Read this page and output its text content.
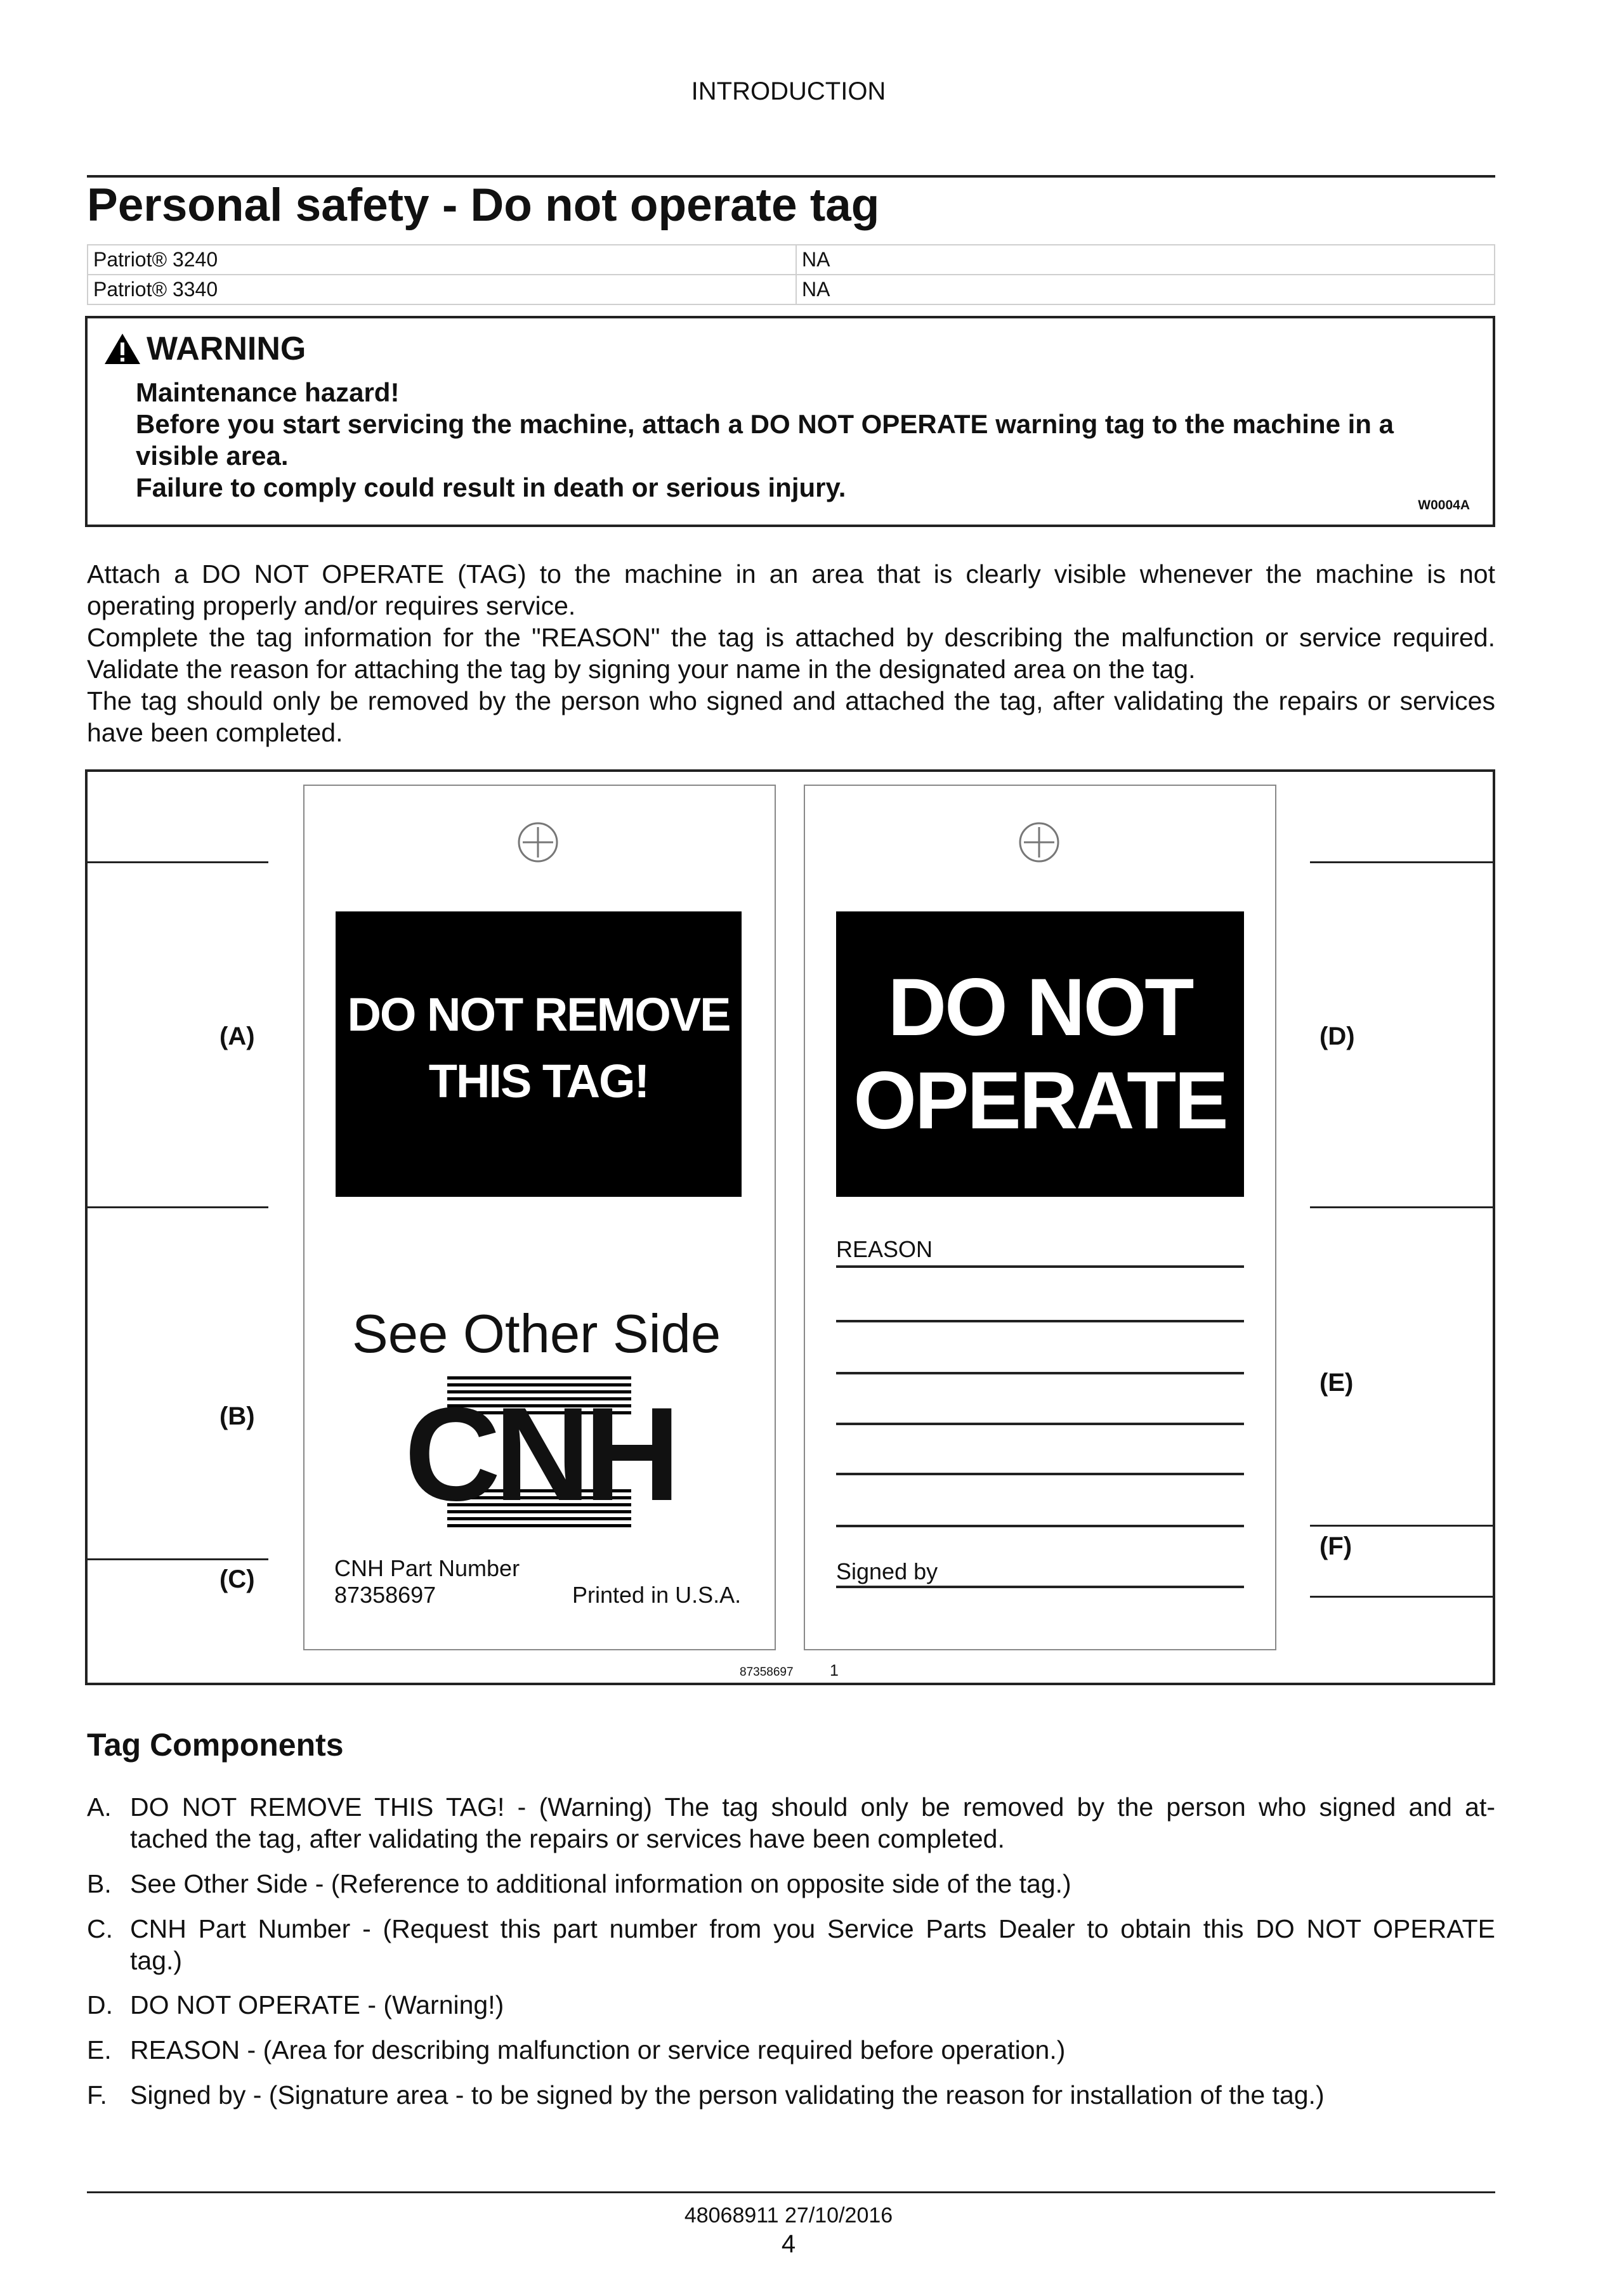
INTRODUCTION
Personal safety - Do not operate tag
Patriot® 3240	NA
Patriot® 3340	NA
WARNING
Maintenance hazard!
Before you start servicing the machine, attach a DO NOT OPERATE warning tag to the machine in a
visible area.
Failure to comply could result in death or serious injury.
W0004A
Attach a DO NOT OPERATE (TAG) to the machine in an area that is clearly visible whenever the machine is not
operating properly and/or requires service.
Complete the tag information for the "REASON" the tag is attached by describing the malfunction or service required.
Validate the reason for attaching the tag by signing your name in the designated area on the tag.
The tag should only be removed by the person who signed and attached the tag, after validating the repairs or services
have been completed.
(A)
(B)
(C)
(D)
(E)
(F)
DO NOT REMOVE
THIS TAG!
See Other Side
CNH
CNH Part Number
87358697	Printed in U.S.A.
DO NOT
OPERATE
REASON
Signed by
87358697 1
Tag Components
A. DO NOT REMOVE THIS TAG! - (Warning) The tag should only be removed by the person who signed and at-
tached the tag, after validating the repairs or services have been completed.
B. See Other Side - (Reference to additional information on opposite side of the tag.)
C. CNH Part Number - (Request this part number from you Service Parts Dealer to obtain this DO NOT OPERATE
tag.)
D. DO NOT OPERATE - (Warning!)
E. REASON - (Area for describing malfunction or service required before operation.)
F. Signed by - (Signature area - to be signed by the person validating the reason for installation of the tag.)
48068911 27/10/2016
4
